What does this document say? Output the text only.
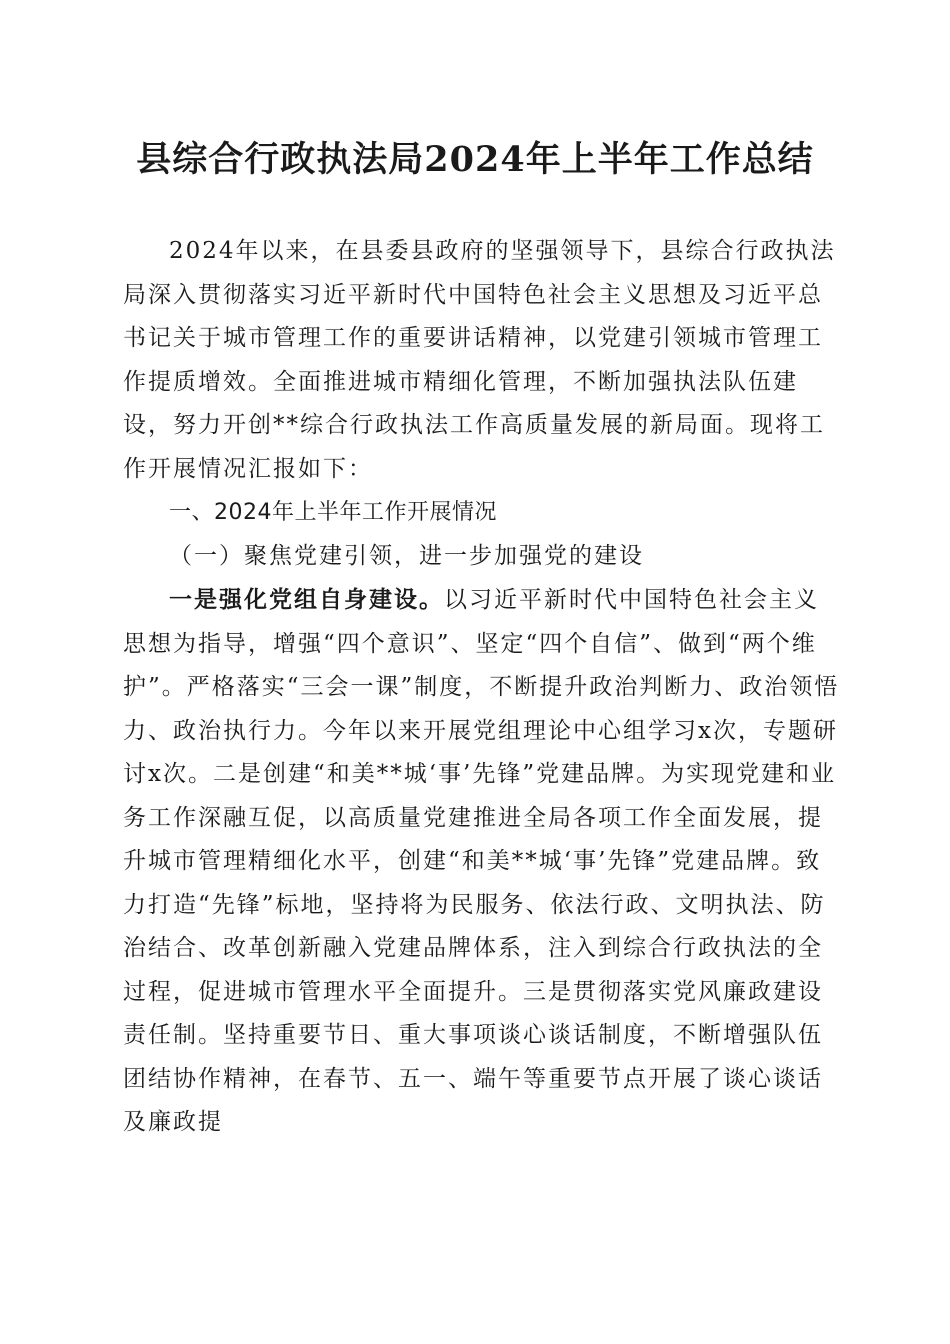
县综合行政执法局2024年上半年工作总结

2024年以来，在县委县政府的坚强领导下，县综合行政执法局深入贯彻落实习近平新时代中国特色社会主义思想及习近平总书记关于城市管理工作的重要讲话精神，以党建引领城市管理工作提质增效。全面推进城市精细化管理，不断加强执法队伍建设，努力开创**综合行政执法工作高质量发展的新局面。现将工作开展情况汇报如下：

一、2024年上半年工作开展情况

（一）聚焦党建引领，进一步加强党的建设

一是强化党组自身建设。以习近平新时代中国特色社会主义思想为指导，增强“四个意识”、坚定“四个自信”、做到“两个维护”。严格落实“三会一课”制度，不断提升政治判断力、政治领悟力、政治执行力。今年以来开展党组理论中心组学习x次，专题研讨x次。二是创建“和美**城‘事’先锋”党建品牌。为实现党建和业务工作深融互促，以高质量党建推进全局各项工作全面发展，提升城市管理精细化水平，创建“和美**城‘事’先锋”党建品牌。致力打造“先锋”标地，坚持将为民服务、依法行政、文明执法、防治结合、改革创新融入党建品牌体系，注入到综合行政执法的全过程，促进城市管理水平全面提升。三是贯彻落实党风廉政建设责任制。坚持重要节日、重大事项谈心谈话制度，不断增强队伍团结协作精神，在春节、五一、端午等重要节点开展了谈心谈话及廉政提
